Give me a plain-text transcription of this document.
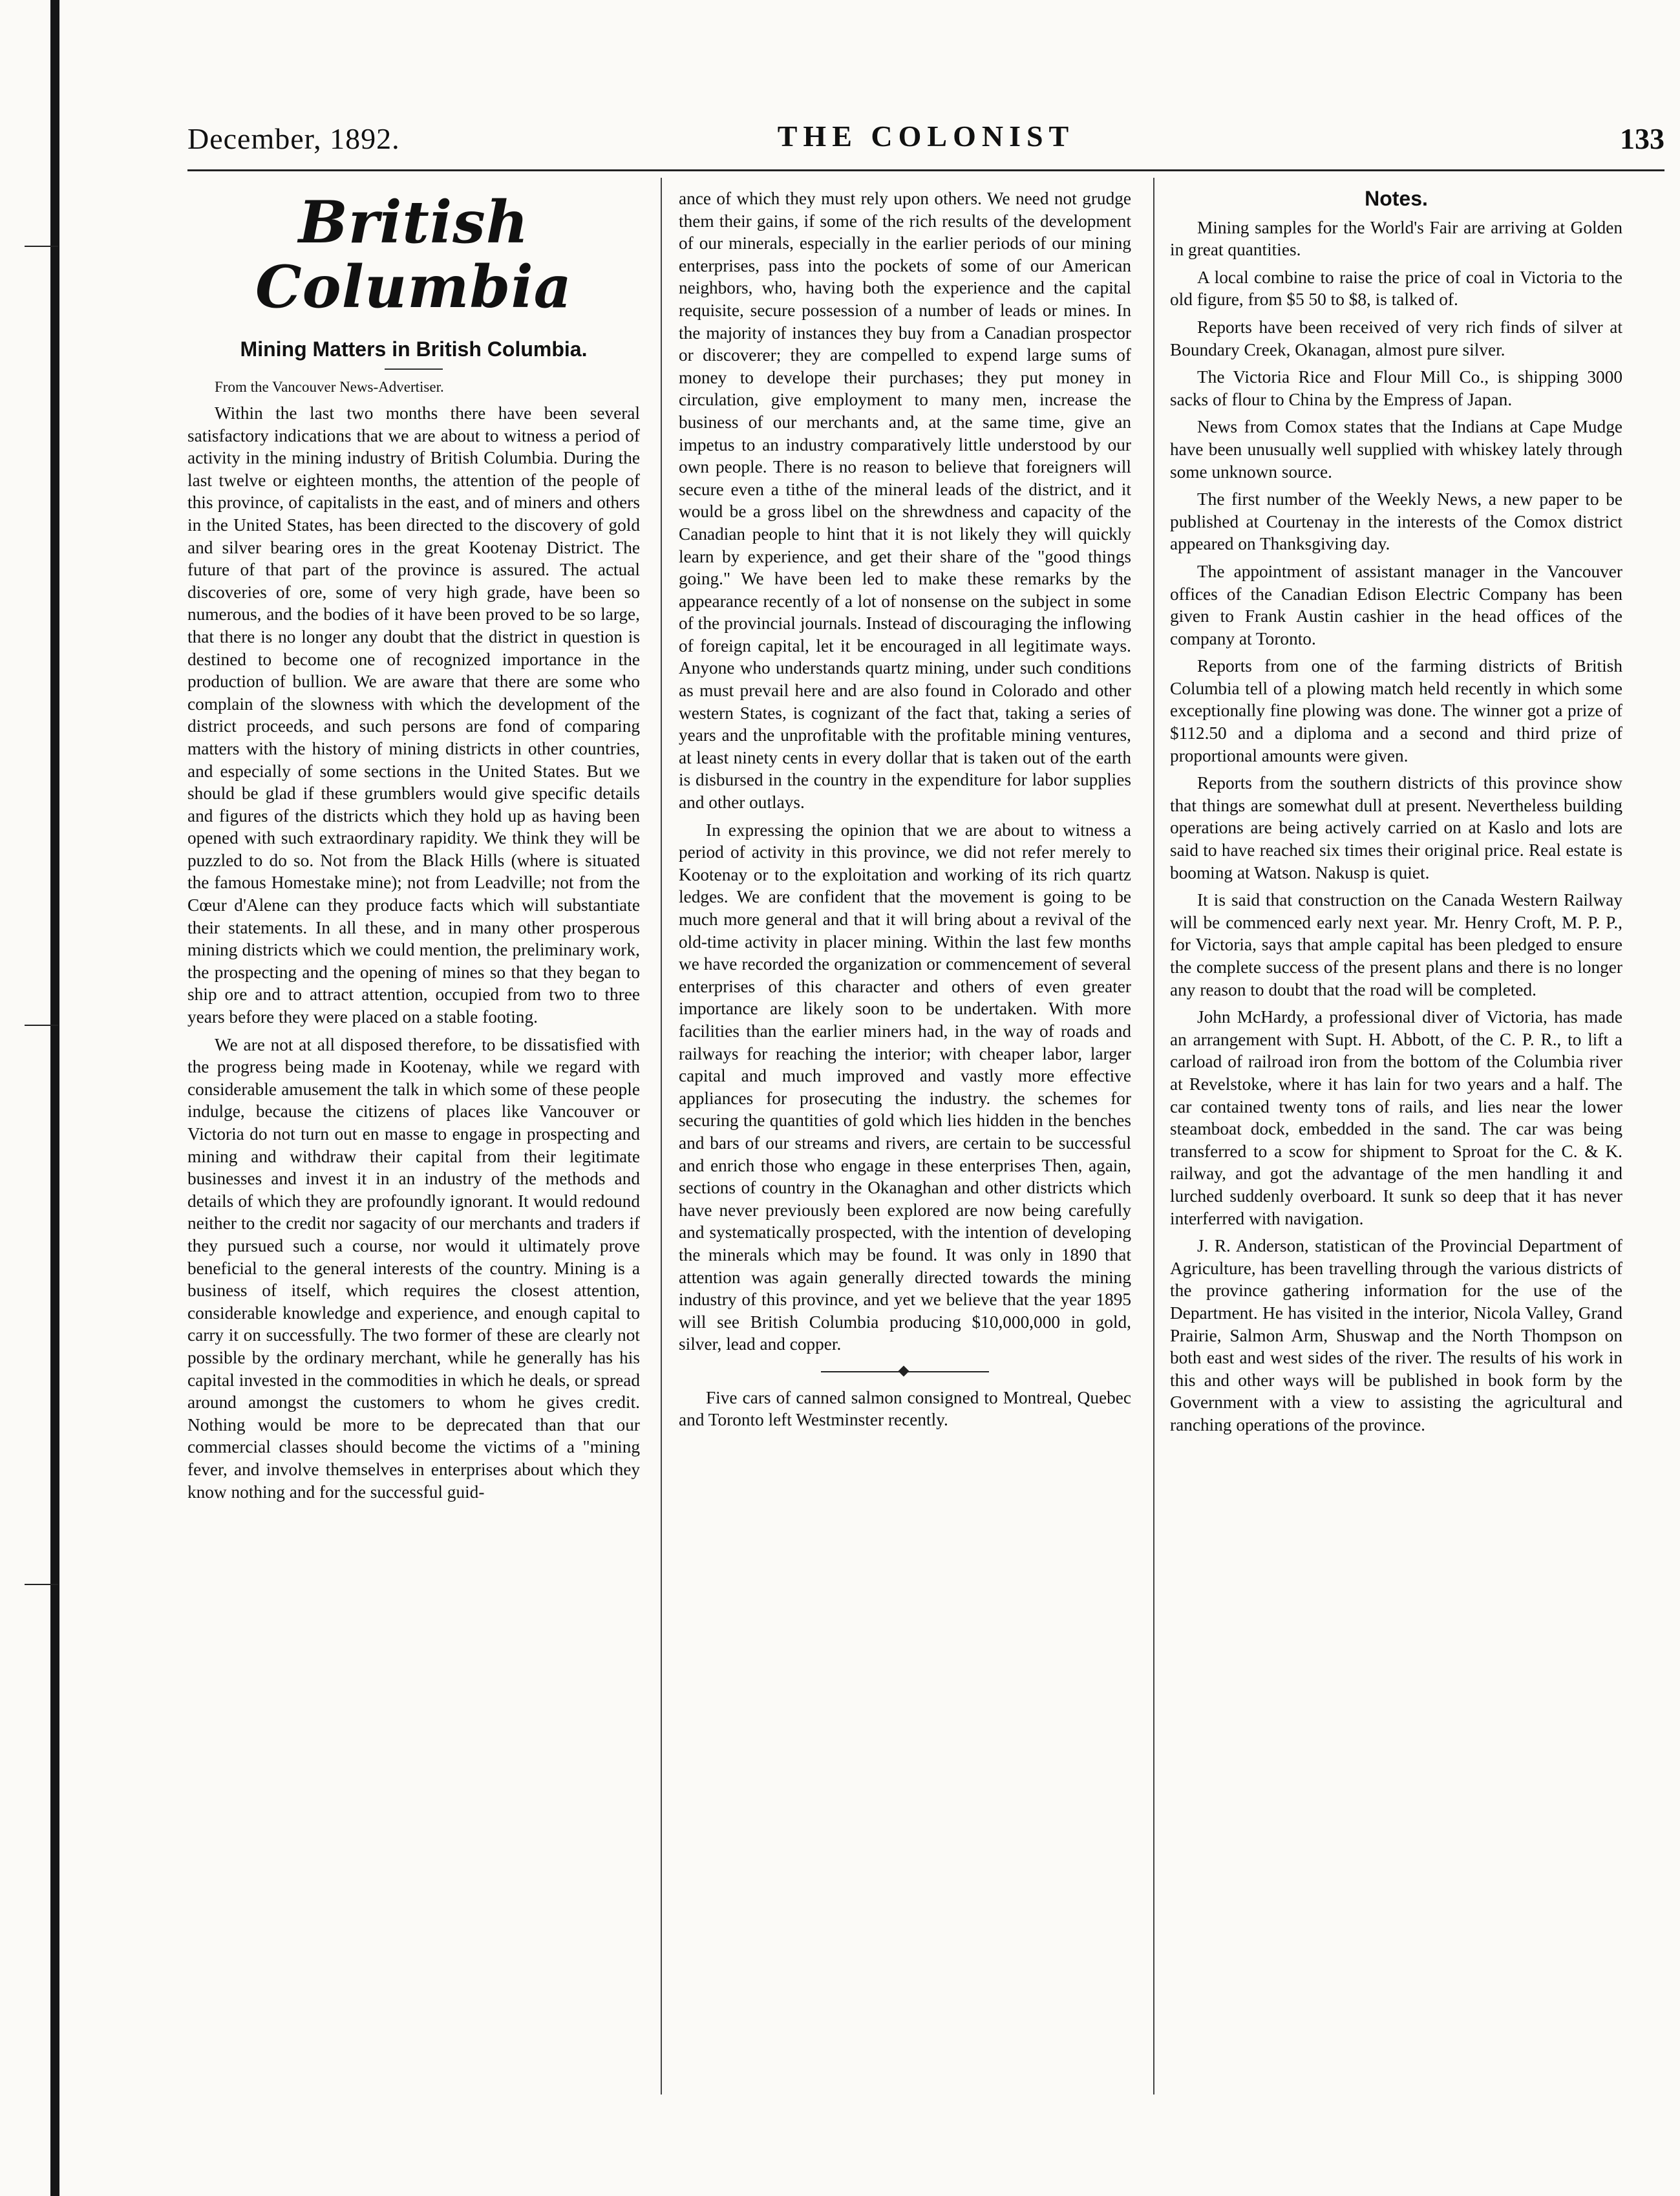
December, 1892.	THE COLONIST	133
British Columbia
Mining Matters in British Columbia.

From the Vancouver News-Advertiser.

Within the last two months there have been several satisfactory indications that we are about to witness a period of activity in the mining industry of British Columbia. During the last twelve or eighteen months, the attention of the people of this province, of capitalists in the east, and of miners and others in the United States, has been directed to the discovery of gold and silver bearing ores in the great Kootenay District. The future of that part of the province is assured. The actual discoveries of ore, some of very high grade, have been so numerous, and the bodies of it have been proved to be so large, that there is no longer any doubt that the district in question is destined to become one of recognized importance in the production of bullion. We are aware that there are some who complain of the slowness with which the development of the district proceeds, and such persons are fond of comparing matters with the history of mining districts in other countries, and especially of some sections in the United States. But we should be glad if these grumblers would give specific details and figures of the districts which they hold up as having been opened with such extraordinary rapidity. We think they will be puzzled to do so. Not from the Black Hills (where is situated the famous Homestake mine); not from Leadville; not from the Cœur d'Alene can they produce facts which will substantiate their statements. In all these, and in many other prosperous mining districts which we could mention, the preliminary work, the prospecting and the opening of mines so that they began to ship ore and to attract attention, occupied from two to three years before they were placed on a stable footing.

We are not at all disposed therefore, to be dissatisfied with the progress being made in Kootenay, while we regard with considerable amusement the talk in which some of these people indulge, because the citizens of places like Vancouver or Victoria do not turn out en masse to engage in prospecting and mining and withdraw their capital from their legitimate businesses and invest it in an industry of the methods and details of which they are profoundly ignorant. It would redound neither to the credit nor sagacity of our merchants and traders if they pursued such a course, nor would it ultimately prove beneficial to the general interests of the country. Mining is a business of itself, which requires the closest attention, considerable knowledge and experience, and enough capital to carry it on successfully. The two former of these are clearly not possible by the ordinary merchant, while he generally has his capital invested in the commodities in which he deals, or spread around amongst the customers to whom he gives credit. Nothing would be more to be deprecated than that our commercial classes should become the victims of a "mining fever, and involve themselves in enterprises about which they know nothing and for the successful guid-

ance of which they must rely upon others. We need not grudge them their gains, if some of the rich results of the development of our minerals, especially in the earlier periods of our mining enterprises, pass into the pockets of some of our American neighbors, who, having both the experience and the capital requisite, secure possession of a number of leads or mines. In the majority of instances they buy from a Canadian prospector or discoverer; they are compelled to expend large sums of money to develope their purchases; they put money in circulation, give employment to many men, increase the business of our merchants and, at the same time, give an impetus to an industry comparatively little understood by our own people. There is no reason to believe that foreigners will secure even a tithe of the mineral leads of the district, and it would be a gross libel on the shrewdness and capacity of the Canadian people to hint that it is not likely they will quickly learn by experience, and get their share of the "good things going." We have been led to make these remarks by the appearance recently of a lot of nonsense on the subject in some of the provincial journals. Instead of discouraging the inflowing of foreign capital, let it be encouraged in all legitimate ways. Anyone who understands quartz mining, under such conditions as must prevail here and are also found in Colorado and other western States, is cognizant of the fact that, taking a series of years and the unprofitable with the profitable mining ventures, at least ninety cents in every dollar that is taken out of the earth is disbursed in the country in the expenditure for labor supplies and other outlays.

In expressing the opinion that we are about to witness a period of activity in this province, we did not refer merely to Kootenay or to the exploitation and working of its rich quartz ledges. We are confident that the movement is going to be much more general and that it will bring about a revival of the old-time activity in placer mining. Within the last few months we have recorded the organization or commencement of several enterprises of this character and others of even greater importance are likely soon to be undertaken. With more facilities than the earlier miners had, in the way of roads and railways for reaching the interior; with cheaper labor, larger capital and much improved and vastly more effective appliances for prosecuting the industry. the schemes for securing the quantities of gold which lies hidden in the benches and bars of our streams and rivers, are certain to be successful and enrich those who engage in these enterprises Then, again, sections of country in the Okanaghan and other districts which have never previously been explored are now being carefully and systematically prospected, with the intention of developing the minerals which may be found. It was only in 1890 that attention was again generally directed towards the mining industry of this province, and yet we believe that the year 1895 will see British Columbia producing $10,000,000 in gold, silver, lead and copper.

Five cars of canned salmon consigned to Montreal, Quebec and Toronto left Westminster recently.

Notes.

Mining samples for the World's Fair are arriving at Golden in great quantities.

A local combine to raise the price of coal in Victoria to the old figure, from $5 50 to $8, is talked of.

Reports have been received of very rich finds of silver at Boundary Creek, Okanagan, almost pure silver.

The Victoria Rice and Flour Mill Co., is shipping 3000 sacks of flour to China by the Empress of Japan.

News from Comox states that the Indians at Cape Mudge have been unusually well supplied with whiskey lately through some unknown source.

The first number of the Weekly News, a new paper to be published at Courtenay in the interests of the Comox district appeared on Thanksgiving day.

The appointment of assistant manager in the Vancouver offices of the Canadian Edison Electric Company has been given to Frank Austin cashier in the head offices of the company at Toronto.

Reports from one of the farming districts of British Columbia tell of a plowing match held recently in which some exceptionally fine plowing was done. The winner got a prize of $112.50 and a diploma and a second and third prize of proportional amounts were given.

Reports from the southern districts of this province show that things are somewhat dull at present. Nevertheless building operations are being actively carried on at Kaslo and lots are said to have reached six times their original price. Real estate is booming at Watson. Nakusp is quiet.

It is said that construction on the Canada Western Railway will be commenced early next year. Mr. Henry Croft, M. P. P., for Victoria, says that ample capital has been pledged to ensure the complete success of the present plans and there is no longer any reason to doubt that the road will be completed.

John McHardy, a professional diver of Victoria, has made an arrangement with Supt. H. Abbott, of the C. P. R., to lift a carload of railroad iron from the bottom of the Columbia river at Revelstoke, where it has lain for two years and a half. The car contained twenty tons of rails, and lies near the lower steamboat dock, embedded in the sand. The car was being transferred to a scow for shipment to Sproat for the C. & K. railway, and got the advantage of the men handling it and lurched suddenly overboard. It sunk so deep that it has never interferred with navigation.

J. R. Anderson, statistican of the Provincial Department of Agriculture, has been travelling through the various districts of the province gathering information for the use of the Department. He has visited in the interior, Nicola Valley, Grand Prairie, Salmon Arm, Shuswap and the North Thompson on both east and west sides of the river. The results of his work in this and other ways will be published in book form by the Government with a view to assisting the agricultural and ranching operations of the province.
